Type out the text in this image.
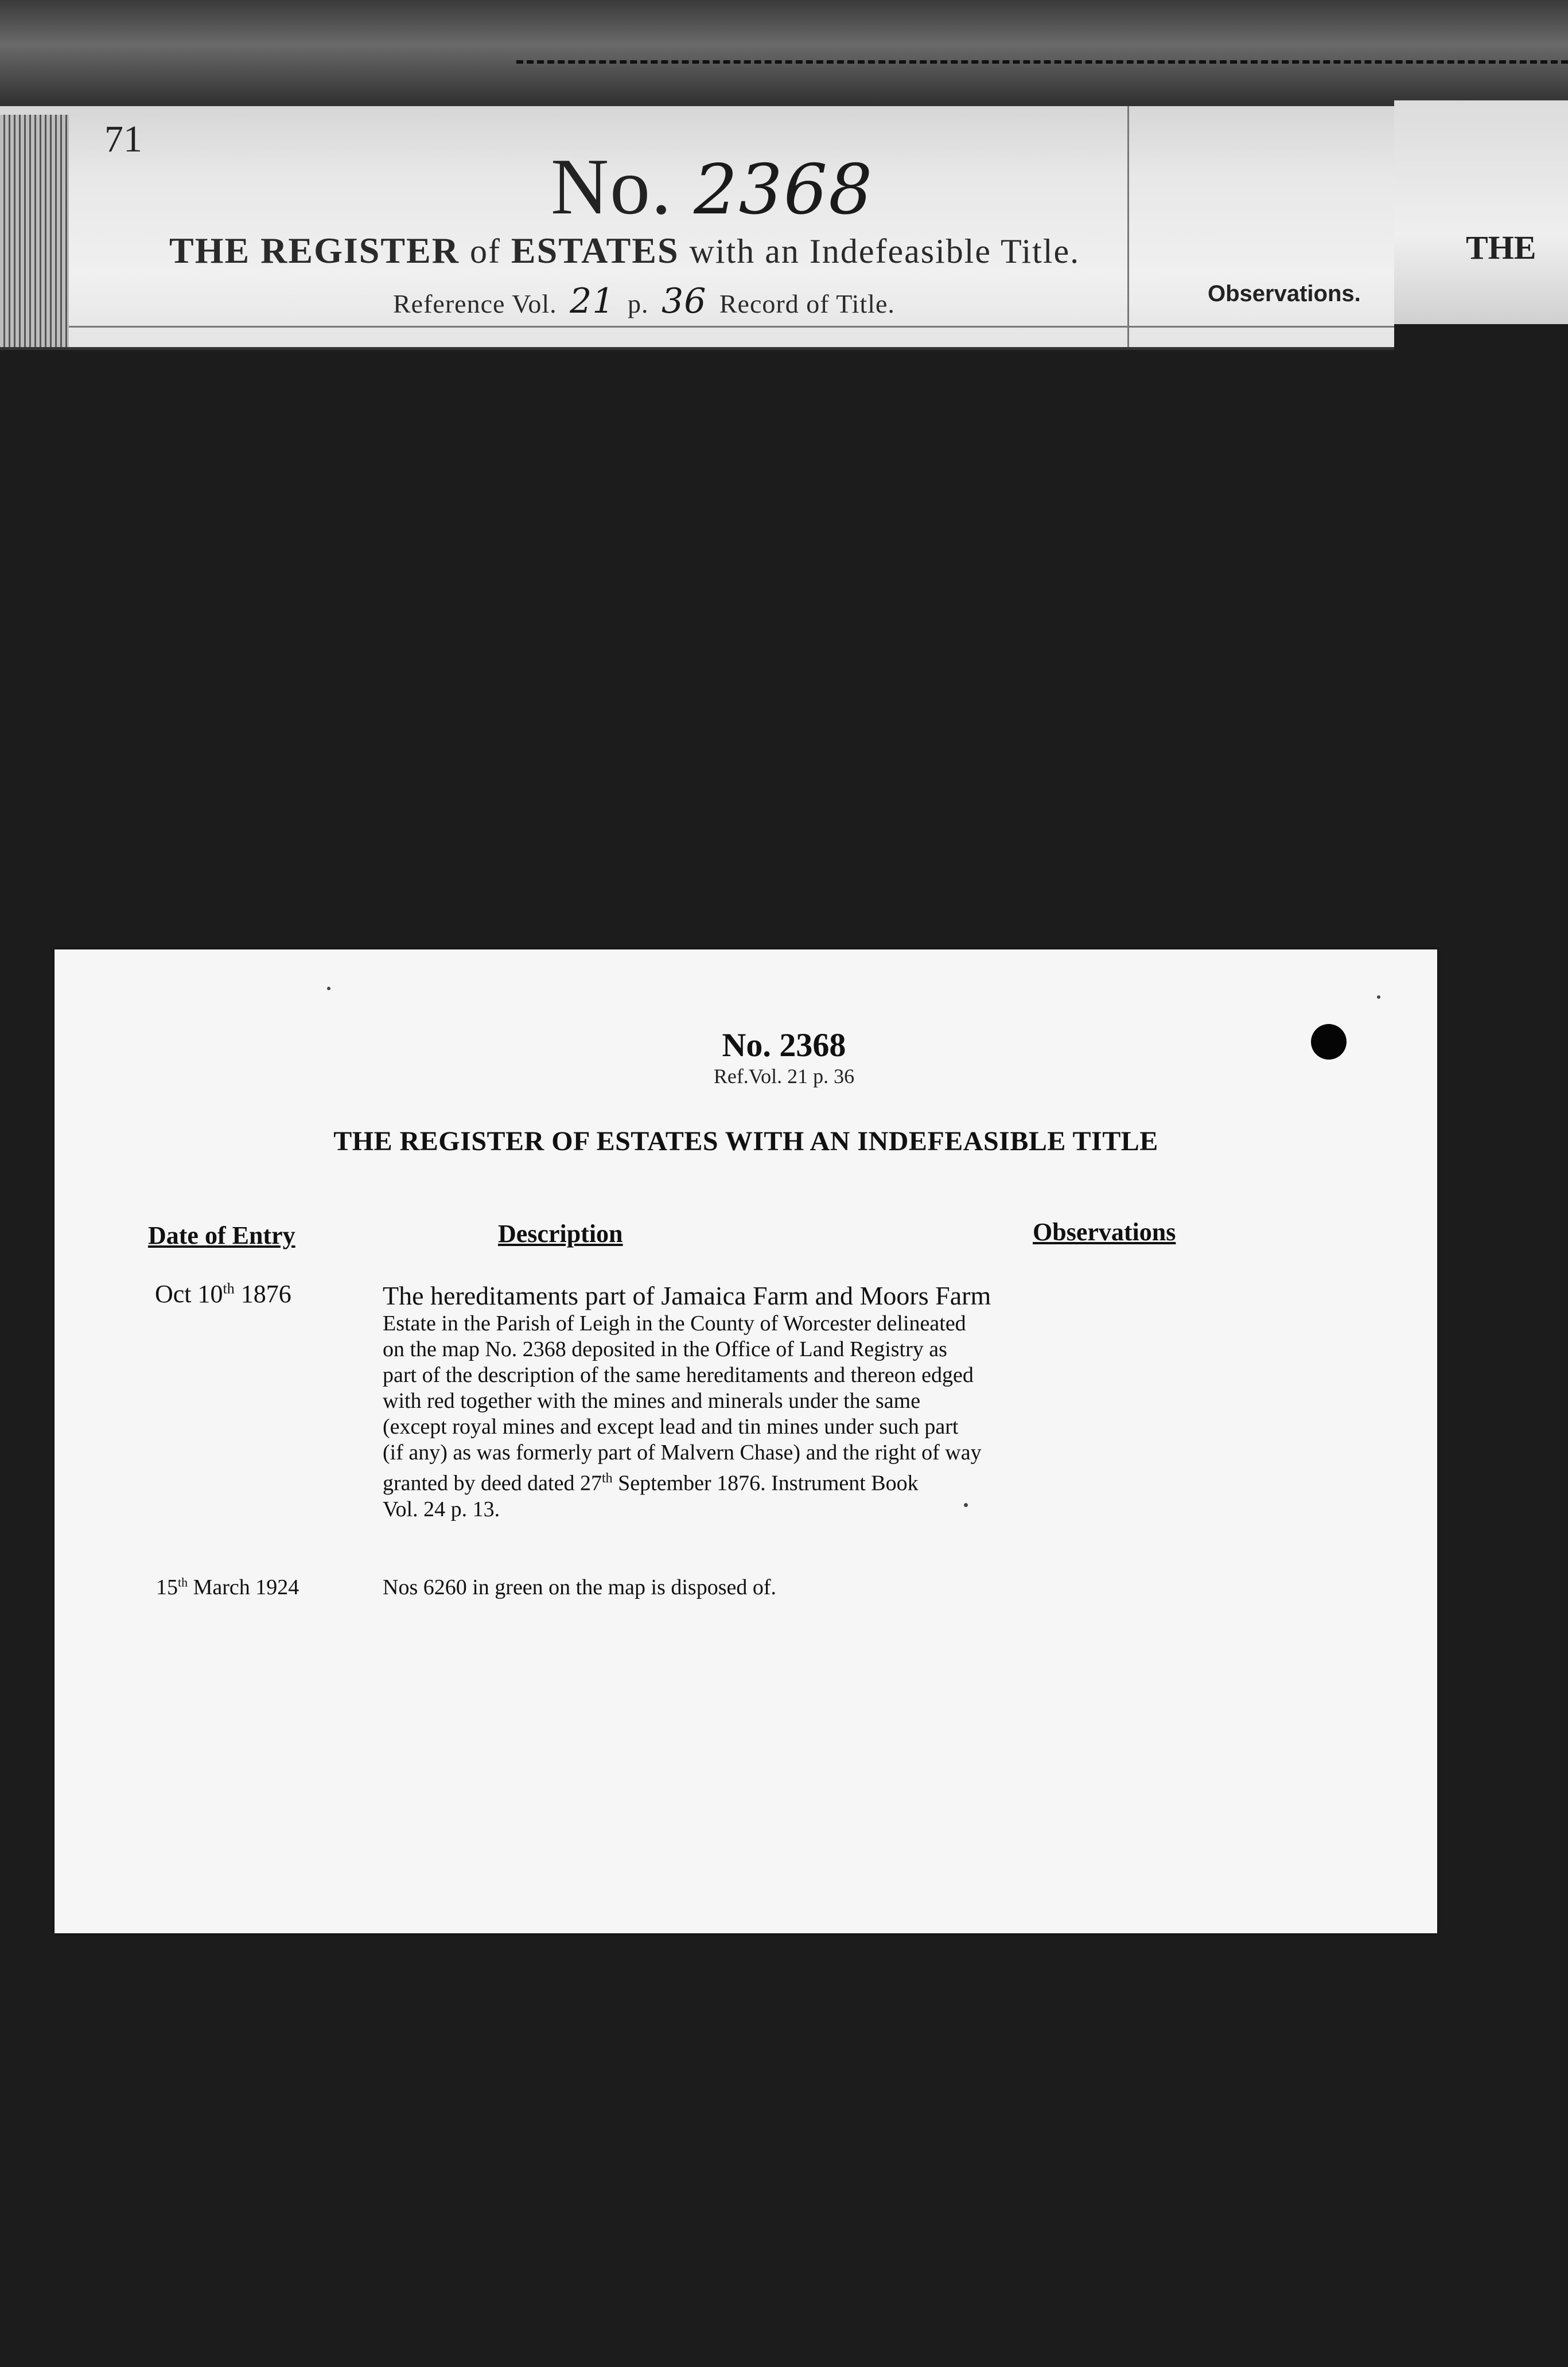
71
No. 2368
THE REGISTER of ESTATES with an Indefeasible Title.
Reference Vol. 21 p. 36 Record of Title.	Observations.
THE
No. 2368
Ref.Vol. 21 p. 36
THE REGISTER OF ESTATES WITH AN INDEFEASIBLE TITLE
Date of Entry	Description	Observations
Oct 10th 1876	The hereditaments part of Jamaica Farm and Moors Farm
Estate in the Parish of Leigh in the County of Worcester delineated
on the map No. 2368 deposited in the Office of Land Registry as
part of the description of the same hereditaments and thereon edged
with red together with the mines and minerals under the same
(except royal mines and except lead and tin mines under such part
(if any) as was formerly part of Malvern Chase) and the right of way
granted by deed dated 27th September 1876. Instrument Book
Vol. 24 p. 13.
15th March 1924	Nos 6260 in green on the map is disposed of.
